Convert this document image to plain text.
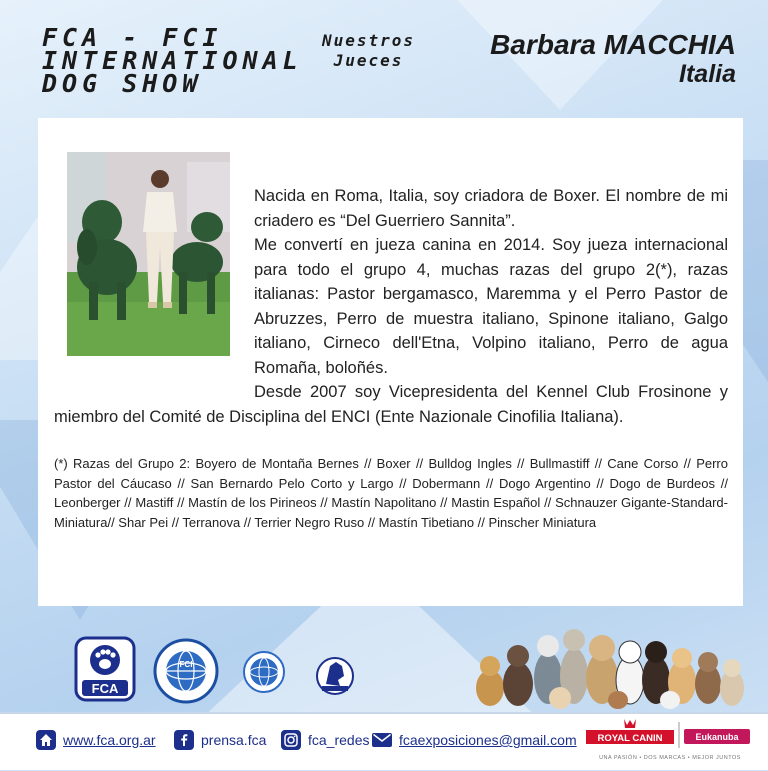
FCA - FCI
INTERNATIONAL
DOG SHOW
Nuestros
Jueces
Barbara MACCHIA
Italia

Nacida en Roma, Italia, soy criadora de Boxer. El nombre de mi criadero es “Del Guerriero Sannita”.

Me convertí en jueza canina en 2014. Soy jueza internacional para todo el grupo 4, muchas razas del grupo 2(*), razas italianas: Pastor bergamasco, Maremma y el Perro Pastor de Abruzzes, Perro de muestra italiano, Spinone italiano, Galgo italiano, Cirneco dell'Etna, Volpino italiano, Perro de agua Romaña, boloñés.

Desde 2007 soy Vicepresidenta del Kennel Club Frosinone y miembro del Comité de Disciplina del ENCI (Ente Nazionale Cinofilia Italiana).

(*) Razas del Grupo 2: Boyero de Montaña Bernes // Boxer // Bulldog Ingles // Bullmastiff // Cane Corso // Perro Pastor del Cáucaso // San Bernardo Pelo Corto y Largo // Dobermann // Dogo Argentino // Dogo de Burdeos // Leonberger // Mastiff // Mastín de los Pirineos // Mastín Napolitano // Mastin Español // Schnauzer Gigante-Standard-Miniatura// Shar Pei // Terranova // Terrier Negro Ruso // Mastín Tibetiano // Pinscher Miniatura
FCA
FCI
www.fca.org.ar	prensa.fca	fca_redes fcaexposiciones@gmail.com ROYAL CANIN	Eukanuba
UNA PASIÓN • DOS MARCAS • MEJOR JUNTOS
